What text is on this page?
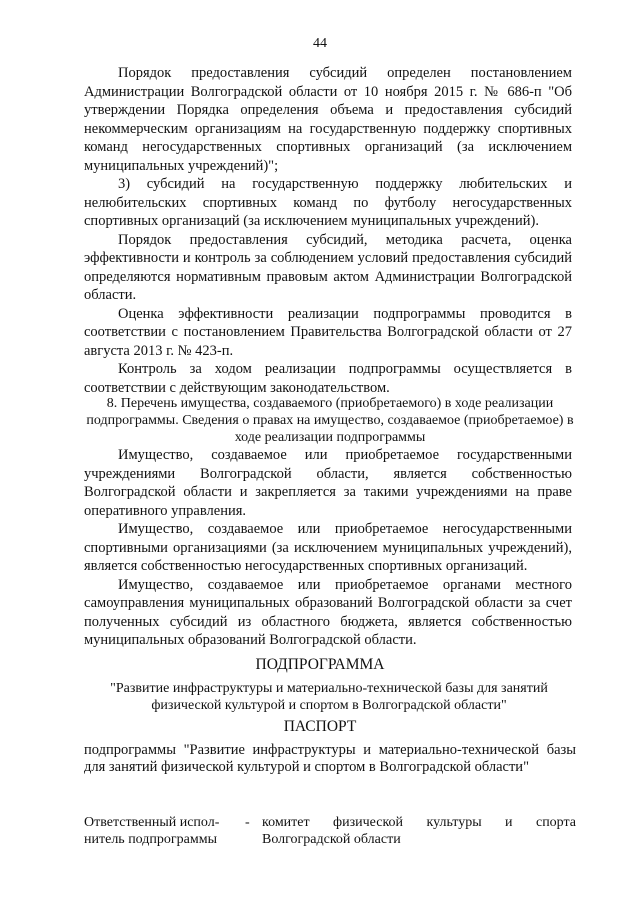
44

Порядок предоставления субсидий определен постановлением Администрации Волгоградской области от 10 ноября 2015 г. № 686-п "Об утверждении Порядка определения объема и предоставления субсидий некоммерческим организациям на государственную поддержку спортивных команд негосударственных спортивных организаций (за исключением муниципальных учреждений)";

3) субсидий на государственную поддержку любительских и нелюбительских спортивных команд по футболу негосударственных спортивных организаций (за исключением муниципальных учреждений).

Порядок предоставления субсидий, методика расчета, оценка эффективности и контроль за соблюдением условий предоставления субсидий определяются нормативным правовым актом Администрации Волгоградской области.

Оценка эффективности реализации подпрограммы проводится в соответствии с постановлением Правительства Волгоградской области от 27 августа 2013 г. № 423-п.

Контроль за ходом реализации подпрограммы осуществляется в соответствии с действующим законодательством.

8. Перечень имущества, создаваемого (приобретаемого) в ходе реализации подпрограммы. Сведения о правах на имущество, создаваемое (приобретаемое) в ходе реализации подпрограммы

Имущество, создаваемое или приобретаемое государственными учреждениями Волгоградской области, является собственностью Волгоградской области и закрепляется за такими учреждениями на праве оперативного управления.

Имущество, создаваемое или приобретаемое негосударственными спортивными организациями (за исключением муниципальных учреждений), является собственностью негосударственных спортивных организаций.

Имущество, создаваемое или приобретаемое органами местного самоуправления муниципальных образований Волгоградской области за счет полученных субсидий из областного бюджета, является собственностью муниципальных образований Волгоградской области.

ПОДПРОГРАММА

"Развитие инфраструктуры и материально-технической базы для занятий физической культурой и спортом в Волгоградской области"

ПАСПОРТ

подпрограммы "Развитие инфраструктуры и материально-технической базы для занятий физической культурой и спортом в Волгоградской области"

Ответственный испол- нитель подпрограммы
- комитет физической культуры и спорта Волгоградской области
